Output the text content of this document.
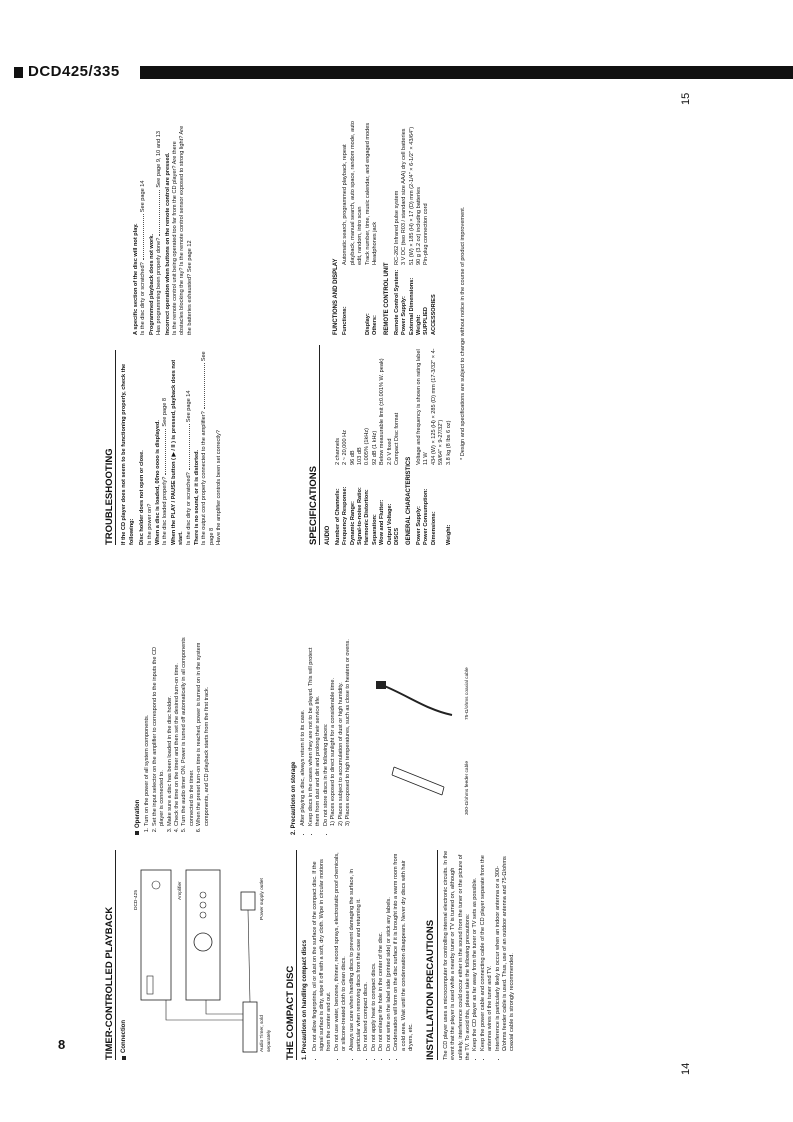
DCD425/335
TIMER-CONTROLLED PLAYBACK Connection
DCD-425	Amplifier
Audio Timer, sold separately
Power supply outlet
THE COMPACT DISC 1. Precautions on handling compact discs • Do not allow fingerprints, oil or dust on the surface of the compact disc. If the signal surface is dirty, wipe it off with a soft, dry cloth. Wipe in circular motions from the center and out. • Do not use water, benzene, thinner, record sprays, electrostatic proof chemicals, or silicone-treated cloth to clean discs. • Always use care when handling discs to prevent damaging the surface, in particular when removing discs from the case and returning it. • Do not bend compact discs. • Do not apply heat to compact discs. • Do not enlarge the hole in the center of the disc. • Do not write on the label side (printed side) or stick any labels. • Condensation will form on the disc surface if it is brought into a warm room from a cold area. Wait until the condensation disappears. Never dry discs with hair dryers, etc. INSTALLATION PRECAUTIONS The CD player uses a microcomputer for controlling internal electronic circuits. In the event that the player is used while a nearby tuner or TV is turned on, although unlikely, interference could occur either in the sound from the tuner or the picture of the TV. To avoid this, please take the following precautions: • Keep the CD player as far away from the tuner or TV sets as possible. • Keep the power cable and connecting cable of the CD player separate from the antenna wires of the tuner and TV. • Interference is particularly likely to occur when an indoor antenna or a 300-Ω/ohms feeder cable is used. Thus, use of an outdoor antenna and 75-Ω/ohms coaxial cable is strongly recommended.
Operation 1. Turn on the power of all system components. 2. Set the input selector on the amplifier to correspond to the inputs the CD player is connected to. 3. Make sure a disc has been loaded in the disc holder. 4. Check the time on the timer and then set the desired turn-on time. 5. Turn the audio timer ON. Power is turned off automatically in all components connected to the timer. 6. When the preset turn-on time is reached, power is turned on in the system components, and CD playback starts from the first track.	2. Precautions on storage • After playing a disc, always return it to its case. • Keep discs in the cases when they are not to be played. This will protect them from dust and dirt and prolong their service life. • Do not store discs in the following places: 1) Places exposed to direct sunlight for a considerable time. 2) Places subject to accumulation of dust or high humidity. 3) Places exposed to high temperatures, such as close to heaters or ovens.	300-Ω/ohms feeder cable
75-Ω/ohms coaxial cable
TROUBLESHOOTING If the CD player does not seem to be functioning properly, check the following: Disc holder does not open or close. Is the power on? When a disc is loaded, 00no oooo is displayed. Is the disc loaded properly?See page 8 When the PLAY / PAUSE button ( ▶ / II ) is pressed, playback does not start. Is the disc dirty or scratched?See page 14
There is no sound, or it is distorted. Is the output cord properly connected to the amplifier?See page 8 Have the amplifier controls been set correctly?
A specific section of the disc will not play. Is the disc dirty or scratched?See page 14
Programmed playback does not work. Has programming been properly done?See page 9, 10 and 13 Incorrect operation when buttons on the remote control are pressed. Is the remote control unit being operated too far from the CD player? Are there obstacles blocking the ray? Is the remote control sensor exposed to strong light? Are the batteries exhausted? See page 12
SPECIFICATIONS AUDIO Number of Channels:
2 channels
Frequency Response:
2 ~ 20,000 Hz
Dynamic Range:
96 dB
Signal-to-noise Ratio:
103 dB
Harmonic Distortion:
0.005% (1kHz)
Separation:
92 dB (1 kHz)
Wow and Flutter:
Below measurable limit (±0.001% W. peak)
Output Voltage:
2.0 V fixed
DISCS
Compact Disc format
GENERAL CHARACTERISTICS Power Supply:
Voltage and frequency is shown on rating label
Power Consumption:
11 W
Dimensions:
434 (W) × 125 (H) × 285 (D) mm (17-3/32" × 4-59/64" × 9-27/32")
Weight:
3.8 kg (8 lbs 6 oz)
FUNCTIONS AND DISPLAY Functions:
Automatic search, programmed playback, repeat playback, manual search, auto space, random mode, auto edit, random, intro scan
Display:
Track number, time, music calendar, and engaged modes
Others:
Headphones jack
REMOTE CONTROL UNIT Remote Control System:
RC-262 Infrared pulse system
Power Supply:
3 V DC (two R03 / standard size AAA) dry cell batteries
External Dimensions:
51 (W) × 185 (H) × 17 (D) mm (2-1/4" × 6-1/2" × 43/64")
Weight:
90 g (3.2 oz) including batteries
SUPPLIED ACCESSORIES
Pin-plug connection cord	* Design and specifications are subject to change without notice in the course of product improvement.
14
15
8
